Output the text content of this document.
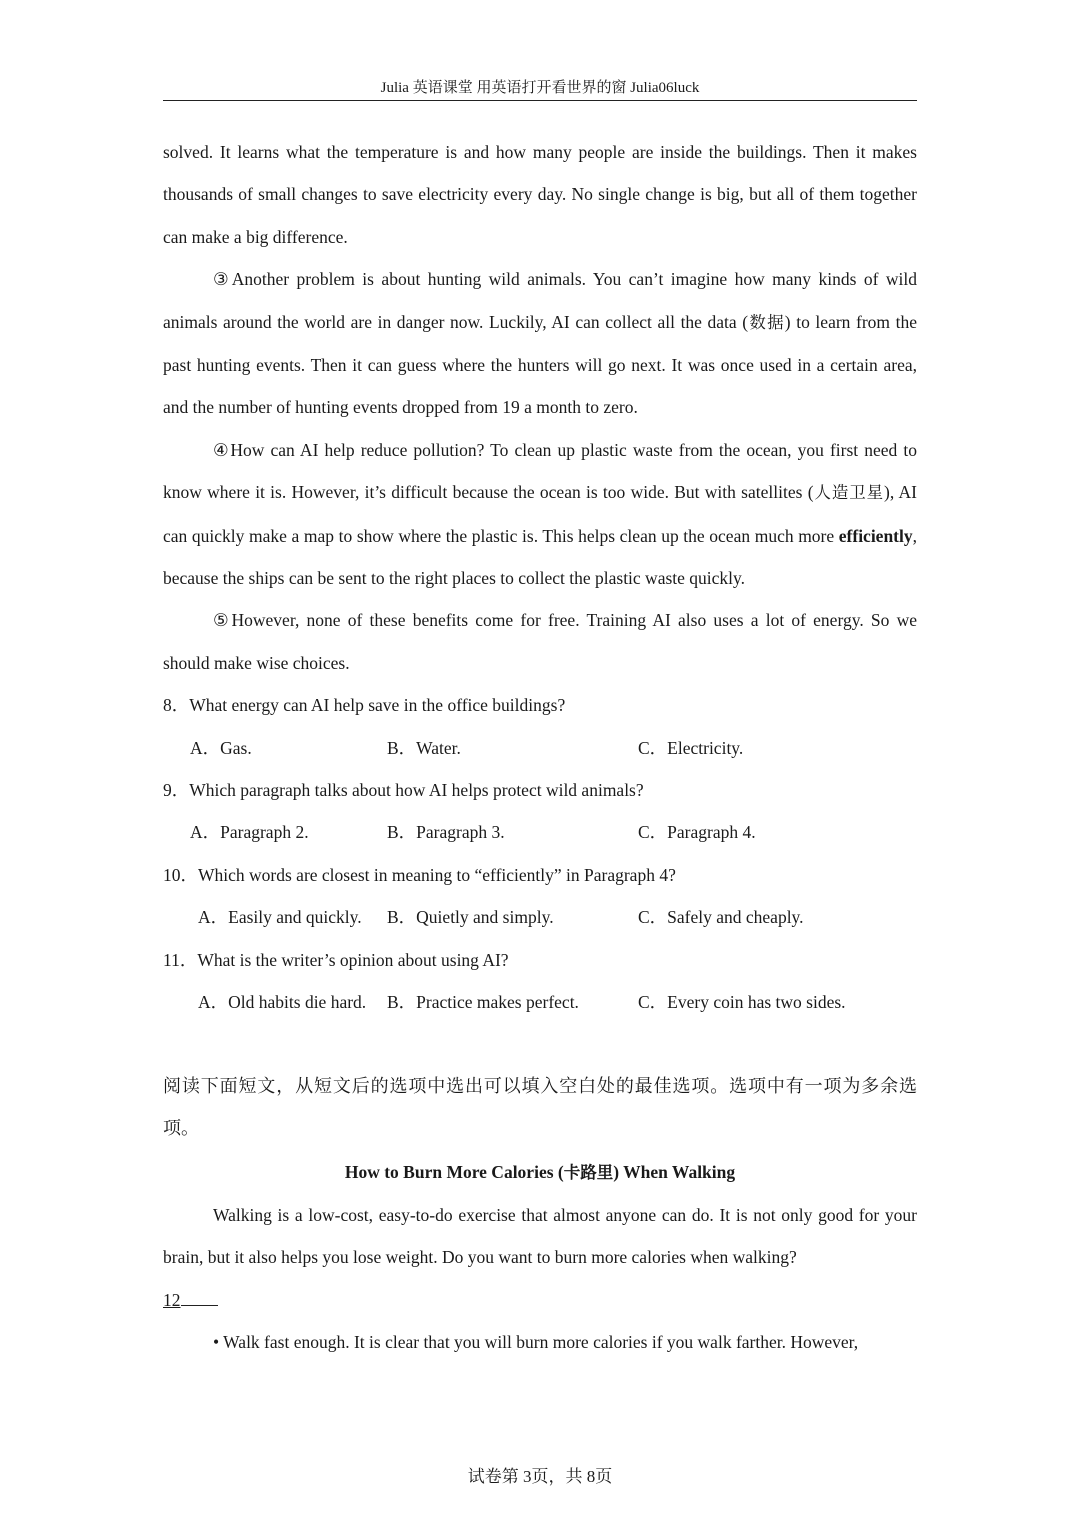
Julia 英语课堂 用英语打开看世界的窗 Julia06luck

solved. It learns what the temperature is and how many people are inside the buildings. Then it makes thousands of small changes to save electricity every day. No single change is big, but all of them together can make a big difference.

③Another problem is about hunting wild animals. You can’t imagine how many kinds of wild animals around the world are in danger now. Luckily, AI can collect all the data (数据) to learn from the past hunting events. Then it can guess where the hunters will go next. It was once used in a certain area, and the number of hunting events dropped from 19 a month to zero.

④How can AI help reduce pollution? To clean up plastic waste from the ocean, you first need to know where it is. However, it’s difficult because the ocean is too wide. But with satellites (人造卫星), AI can quickly make a map to show where the plastic is. This helps clean up the ocean much more efficiently, because the ships can be sent to the right places to collect the plastic waste quickly.

⑤However, none of these benefits come for free. Training AI also uses a lot of energy. So we should make wise choices.

8．What energy can AI help save in the office buildings?

A．Gas.	B．Water.	C．Electricity.

9．Which paragraph talks about how AI helps protect wild animals?

A．Paragraph 2.	B．Paragraph 3.	C．Paragraph 4.

10．Which words are closest in meaning to “efficiently” in Paragraph 4?

A．Easily and quickly.	B．Quietly and simply.	C．Safely and cheaply.

11．What is the writer’s opinion about using AI?

A．Old habits die hard.	B．Practice makes perfect.	C．Every coin has two sides.

阅读下面短文，从短文后的选项中选出可以填入空白处的最佳选项。选项中有一项为多余选项。

How to Burn More Calories (卡路里) When Walking

Walking is a low-cost, easy-to-do exercise that almost anyone can do. It is not only good for your brain, but it also helps you lose weight. Do you want to burn more calories when walking?

12

• Walk fast enough. It is clear that you will burn more calories if you walk farther. However,

试卷第 3页，共 8页
